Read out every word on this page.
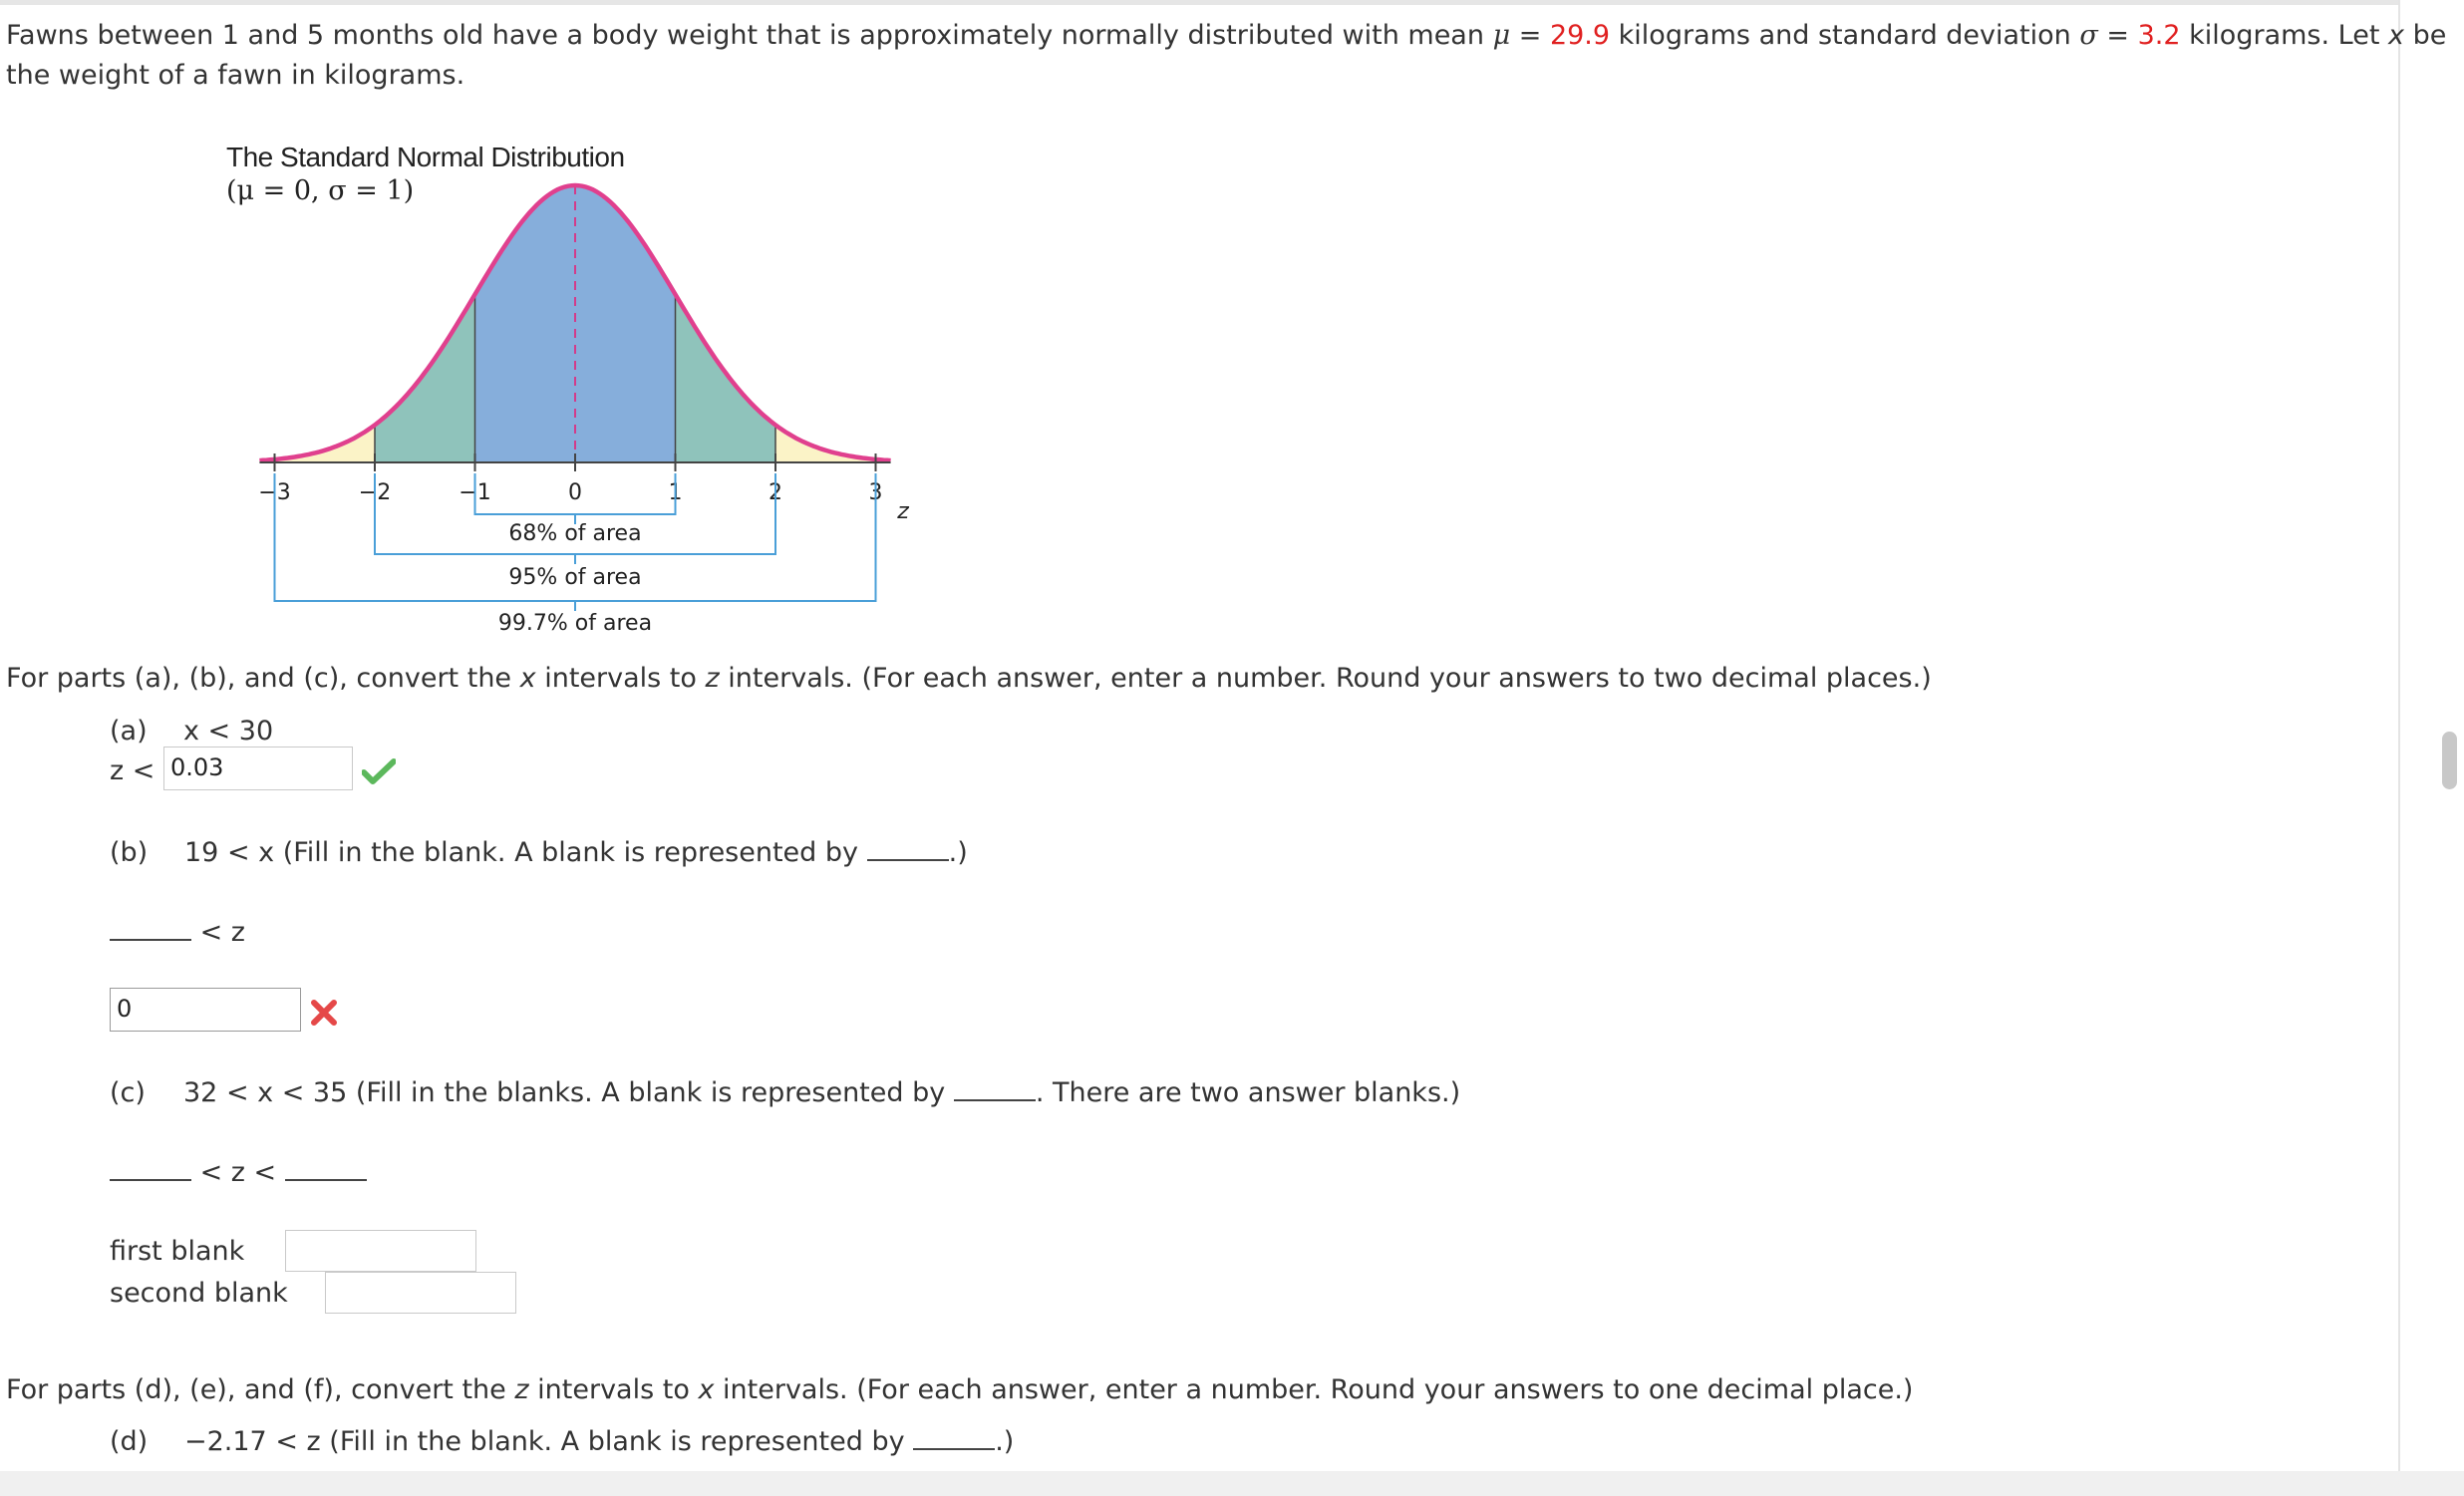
Fawns between 1 and 5 months old have a body weight that is approximately normally distributed with mean μ = 29.9 kilograms and standard deviation σ = 3.2 kilograms. Let x be
the weight of a fawn in kilograms.
The Standard Normal Distribution
(μ = 0, σ = 1)
−3	−2	−1	0	1	2	3
z
68% of area
95% of area
99.7% of area
For parts (a), (b), and (c), convert the x intervals to z intervals. (For each answer, enter a number. Round your answers to two decimal places.)
(a) x < 30
z < 0.03
(b) 19 < x (Fill in the blank. A blank is represented by	.)
< z
0
(c) 32 < x < 35 (Fill in the blanks. A blank is represented by	. There are two answer blanks.)
< z <
first blank
second blank
For parts (d), (e), and (f), convert the z intervals to x intervals. (For each answer, enter a number. Round your answers to one decimal place.)
(d) −2.17 < z (Fill in the blank. A blank is represented by	.)
